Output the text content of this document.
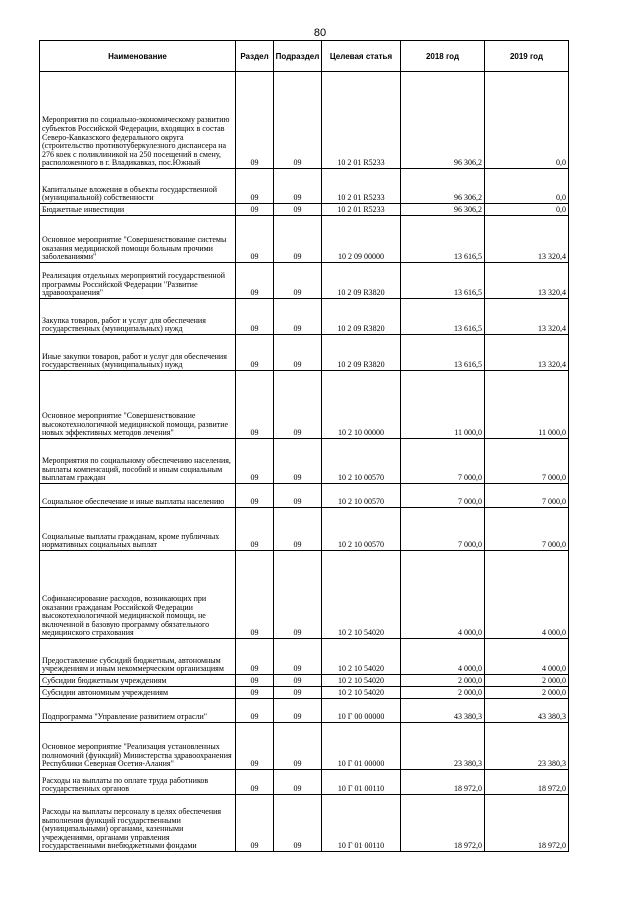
80
Наименование	Раздел	Подраздел	Целевая статья	2018 год	2019 год
Мероприятия по социально-экономическому развитию субъектов Российской Федерации, входящих в состав Северо-Кавказского федерального округа (строительство противотуберкулезного диспансера на 276 коек с поликлиникой на 250 посещений в смену, расположенного в г. Владикавказ, пос.Южный	09	09	10 2 01 R5233	96 306,2	0,0
Капитальные вложения в объекты государственной (муниципальной) собственности	09	09	10 2 01 R5233	96 306,2	0,0
Бюджетные инвестиции	09	09	10 2 01 R5233	96 306,2	0,0
Основное мероприятие "Совершенствование системы оказания медицинской помощи больным прочими заболеваниями"	09	09	10 2 09 00000	13 616,5	13 320,4
Реализация отдельных мероприятий государственной программы Российской Федерации "Развитие здравоохранения"	09	09	10 2 09 R3820	13 616,5	13 320,4
Закупка товаров, работ и услуг для обеспечения государственных (муниципальных) нужд	09	09	10 2 09 R3820	13 616,5	13 320,4
Иные закупки товаров, работ и услуг для обеспечения государственных (муниципальных) нужд	09	09	10 2 09 R3820	13 616,5	13 320,4
Основное мероприятие "Совершенствование высокотехнологичной медицинской помощи, развитие новых эффективных методов лечения"	09	09	10 2 10 00000	11 000,0	11 000,0
Мероприятия по социальному обеспечению населения, выплаты компенсаций, пособий и иным социальным выплатам граждан	09	09	10 2 10 00570	7 000,0	7 000,0
Социальное обеспечение и иные выплаты населению	09	09	10 2 10 00570	7 000,0	7 000,0
Социальные выплаты гражданам, кроме публичных нормативных социальных выплат	09	09	10 2 10 00570	7 000,0	7 000,0
Софинансирование расходов, возникающих при оказании гражданам Российской Федерации высокотехнологичной медицинской помощи, не включенной в базовую программу обязательного медицинского страхования	09	09	10 2 10 54020	4 000,0	4 000,0
Предоставление субсидий бюджетным, автономным учреждениям и иным некоммерческим организациям	09	09	10 2 10 54020	4 000,0	4 000,0
Субсидии бюджетным учреждениям	09	09	10 2 10 54020	2 000,0	2 000,0
Субсидии автономным учреждениям	09	09	10 2 10 54020	2 000,0	2 000,0
Подпрограмма "Управление развитием отрасли"	09	09	10 Г 00 00000	43 380,3	43 380,3
Основное мероприятие "Реализация установленных полномочий (функций) Министерства здравоохранения Республики Северная Осетия-Алания"	09	09	10 Г 01 00000	23 380,3	23 380,3
Расходы на выплаты по оплате труда работников государственных органов	09	09	10 Г 01 00110	18 972,0	18 972,0
Расходы на выплаты персоналу в целях обеспечения выполнения функций государственными (муниципальными) органами, казенными учреждениями, органами управления государственными внебюджетными фондами	09	09	10 Г 01 00110	18 972,0	18 972,0
